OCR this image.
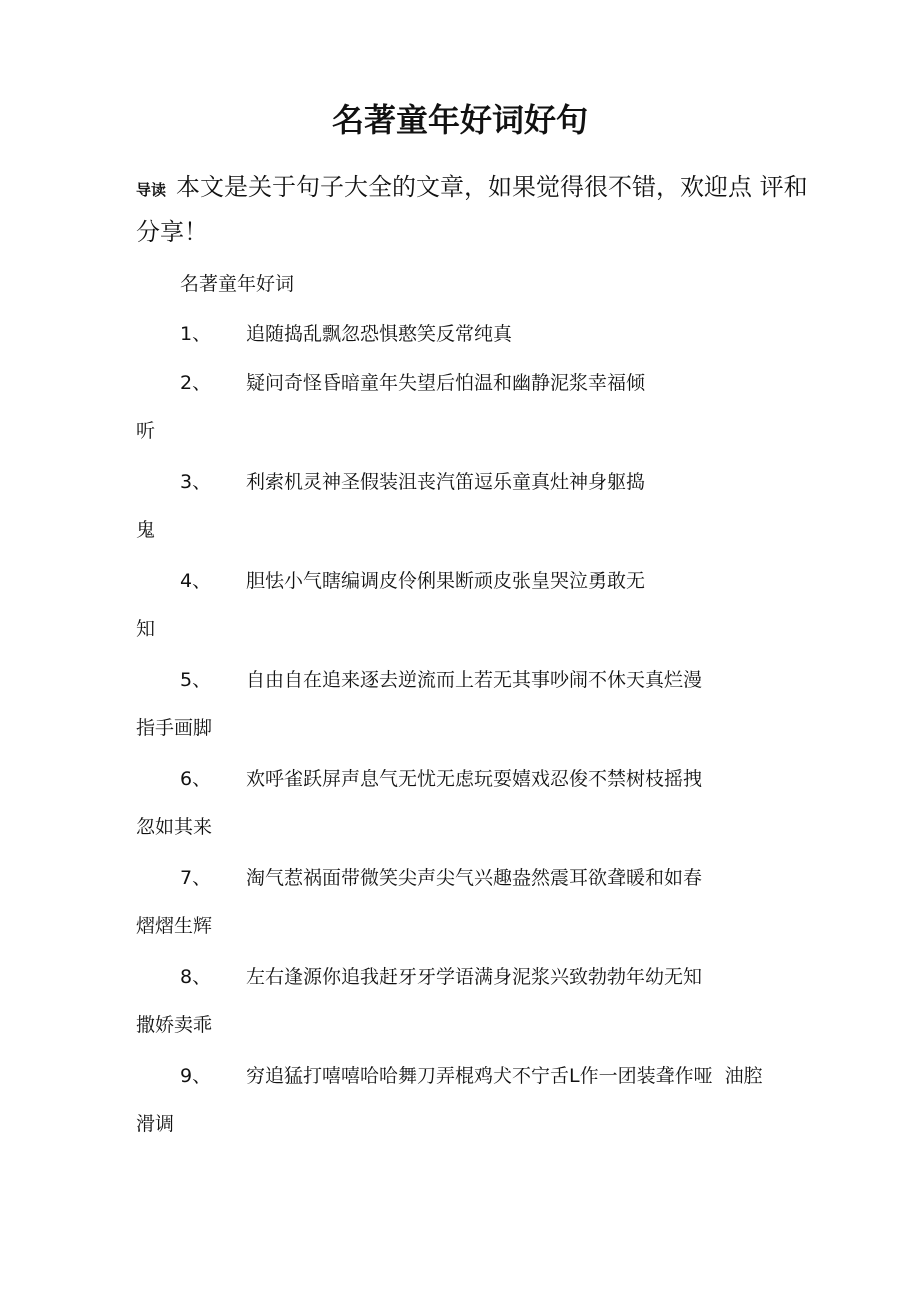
名著童年好词好句

导读 本文是关于句子大全的文章，如果觉得很不错，欢迎点 评和分享！

名著童年好词
1、 追随捣乱飘忽恐惧憨笑反常纯真
2、 疑问奇怪昏暗童年失望后怕温和幽静泥浆幸福倾
听
3、 利索机灵神圣假装沮丧汽笛逗乐童真灶神身躯捣
鬼
4、 胆怯小气瞎编调皮伶俐果断顽皮张皇哭泣勇敢无
知
5、 自由自在追来逐去逆流而上若无其事吵闹不休天真烂漫
指手画脚
6、 欢呼雀跃屏声息气无忧无虑玩耍嬉戏忍俊不禁树枝摇拽
忽如其来
7、 淘气惹祸面带微笑尖声尖气兴趣盎然震耳欲聋暖和如春
熠熠生辉
8、 左右逢源你追我赶牙牙学语满身泥浆兴致勃勃年幼无知
撒娇卖乖
9、 穷追猛打嘻嘻哈哈舞刀弄棍鸡犬不宁舌L作一团装聋作哑  油腔
滑调
